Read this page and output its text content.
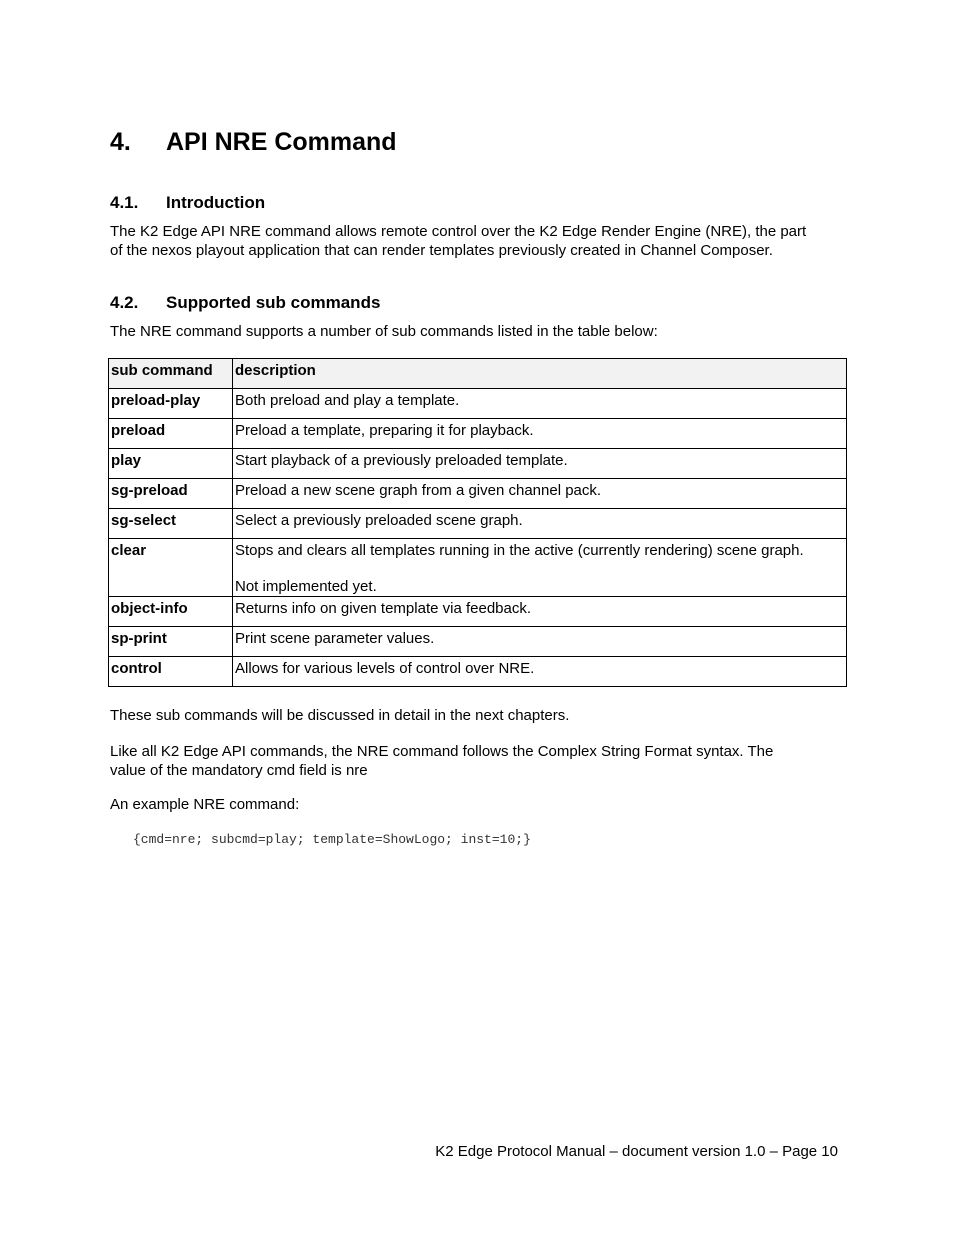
4. API NRE Command
4.1. Introduction
The K2 Edge API NRE command allows remote control over the K2 Edge Render Engine (NRE), the part
of the nexos playout application that can render templates previously created in Channel Composer.
4.2. Supported sub commands
The NRE command supports a number of sub commands listed in the table below:
sub command	description
preload-play	Both preload and play a template.
preload	Preload a template, preparing it for playback.
play	Start playback of a previously preloaded template.
sg-preload	Preload a new scene graph from a given channel pack.
sg-select	Select a previously preloaded scene graph.
clear	Stops and clears all templates running in the active (currently rendering) scene graph.
Not implemented yet.

object-info	Returns info on given template via feedback.
sp-print	Print scene parameter values.
control	Allows for various levels of control over NRE.
These sub commands will be discussed in detail in the next chapters.
Like all K2 Edge API commands, the NRE command follows the Complex String Format syntax. The
value of the mandatory cmd field is nre
An example NRE command:
{cmd=nre; subcmd=play; template=ShowLogo; inst=10;}
K2 Edge Protocol Manual – document version 1.0 – Page 10
